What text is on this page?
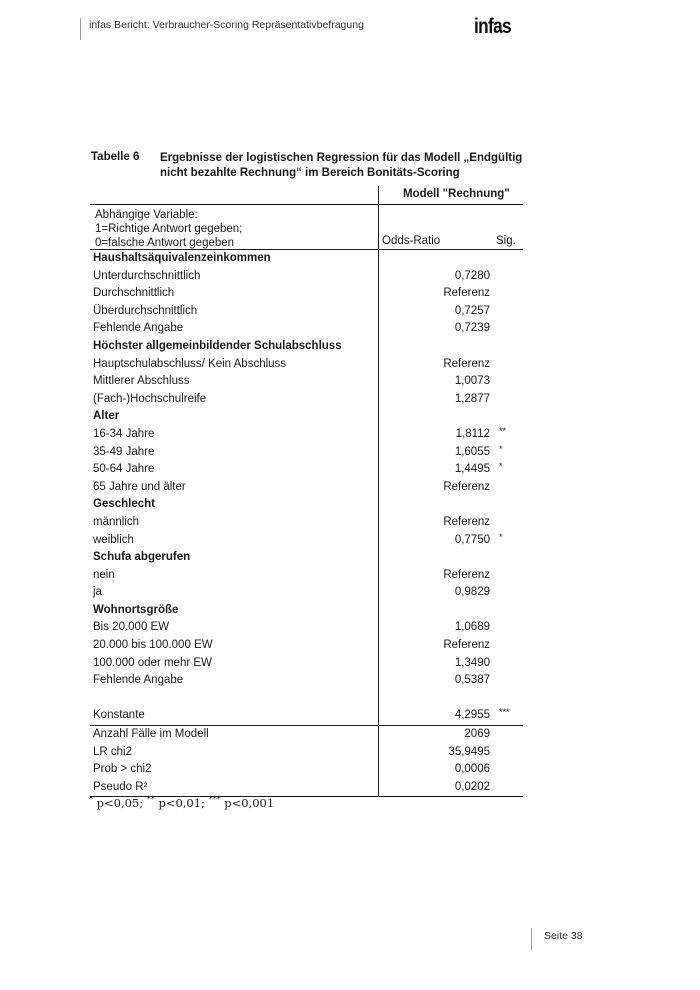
infas Bericht: Verbraucher-Scoring Repräsentativbefragung	infas
Tabelle 6 Ergebnisse der logistischen Regression für das Modell „Endgültig nicht bezahlte Rechnung“ im Bereich Bonitäts-Scoring
Modell "Rechnung"
Abhängige Variable:
1=Richtige Antwort gegeben;
0=falsche Antwort gegeben	Odds-Ratio	Sig.
Haushaltsäquivalenzeinkommen
Unterdurchschnittlich	0,7280
Durchschnittlich	Referenz
Überdurchschnittlich	0,7257
Fehlende Angabe	0,7239
Höchster allgemeinbildender Schulabschluss
Hauptschulabschluss/ Kein Abschluss	Referenz
Mittlerer Abschluss	1,0073
(Fach-)Hochschulreife	1,2877
Alter
16-34 Jahre	1,8112 **
35-49 Jahre	1,6055 *
50-64 Jahre	1,4495 *
65 Jahre und älter	Referenz
Geschlecht
männlich	Referenz
weiblich	0,7750 *
Schufa abgerufen
nein	Referenz
ja	0,9829
Wohnortsgröße
Bis 20.000 EW	1,0689
20.000 bis 100.000 EW	Referenz
100.000 oder mehr EW	1,3490
Fehlende Angabe	0,5387
Konstante	4,2955 ***
Anzahl Fälle im Modell	2069
LR chi2	35,9495
Prob > chi2	0,0006
Pseudo R²	0,0202
* p<0,05; ** p<0,01; *** p<0,001
Seite 38
